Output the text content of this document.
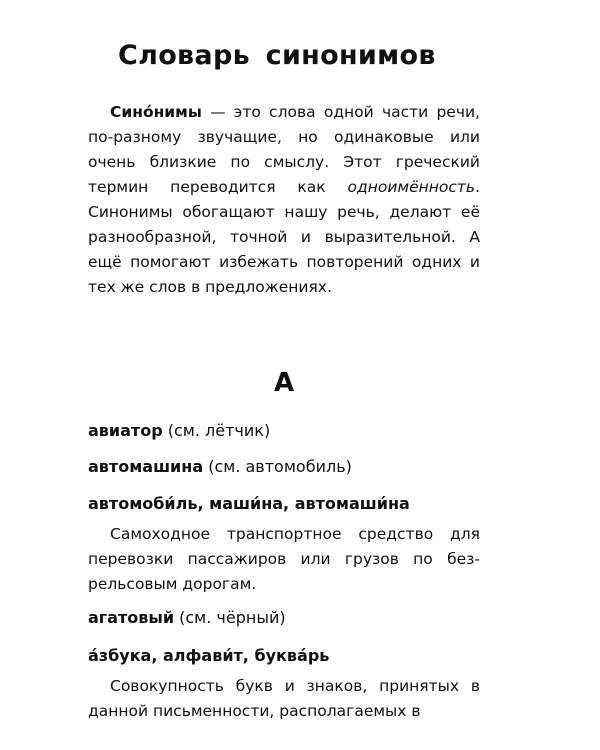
Словарь синонимов

Сино́нимы — это слова одной части речи, по-разному звучащие, но одинаковые или очень близкие по смыслу. Этот греческий термин переводится как одноимённость. Синонимы обогащают нашу речь, делают её разнообразной, точной и выразительной. А ещё помогают избежать повторений одних и тех же слов в предложениях.

А

авиатор (см. лётчик)

автомашина (см. автомобиль)

автомоби́ль, маши́на, автомаши́на

Самоходное транспортное средство для перевозки пассажиров или грузов по безрельсовым дорогам.

агатовый (см. чёрный)

а́збука, алфави́т, буква́рь

Совокупность букв и знаков, принятых в данной письменности, располагаемых в
